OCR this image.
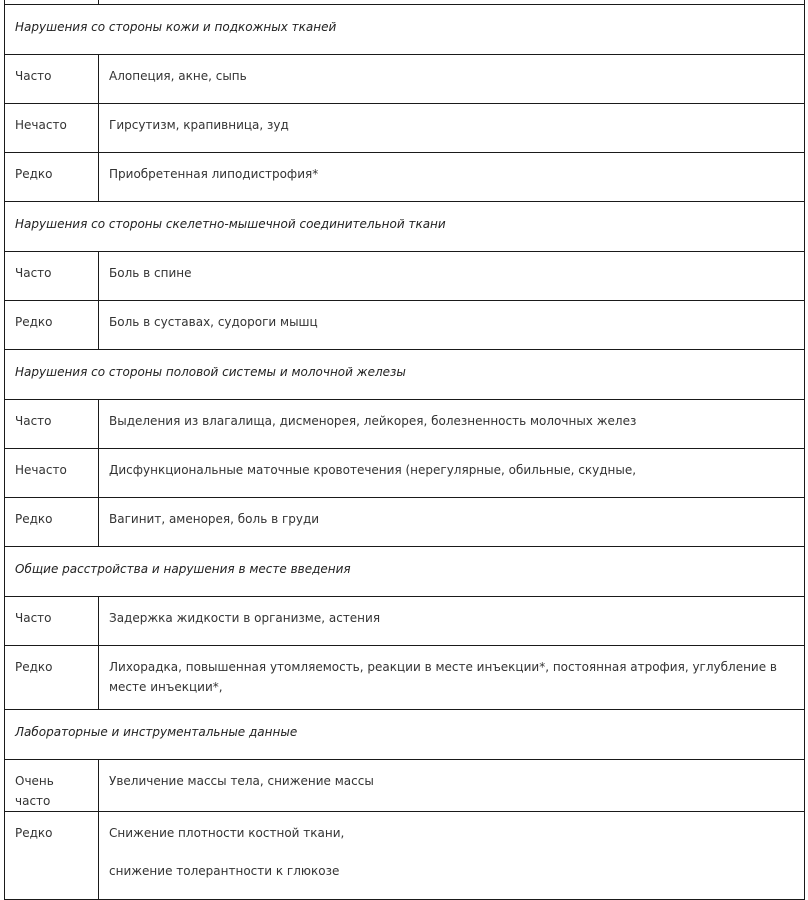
Нарушения со стороны кожи и подкожных тканей	
Часто	Алопеция, акне, сыпь
Нечасто	Гирсутизм, крапивница, зуд
Редко	Приобретенная липодистрофия*
Нарушения со стороны скелетно-мышечной соединительной ткани	
Часто	Боль в спине
Редко	Боль в суставах, судороги мышц
Нарушения со стороны половой системы и молочной железы	
Часто	Выделения из влагалища, дисменорея, лейкорея, болезненность молочных желез
Нечасто	Дисфункциональные маточные кровотечения (нерегулярные, обильные, скудные,
Редко	Вагинит, аменорея, боль в груди
Общие расстройства и нарушения в месте введения	
Часто	Задержка жидкости в организме, астения
Редко	Лихорадка, повышенная утомляемость, реакции в месте инъекции*, постоянная атрофия, углубление в месте инъекции*,
Лабораторные и инструментальные данные	
Очень часто	Увеличение массы тела, снижение массы
Редко	Снижение плотности костной ткани,
снижение толерантности к глюкозе
